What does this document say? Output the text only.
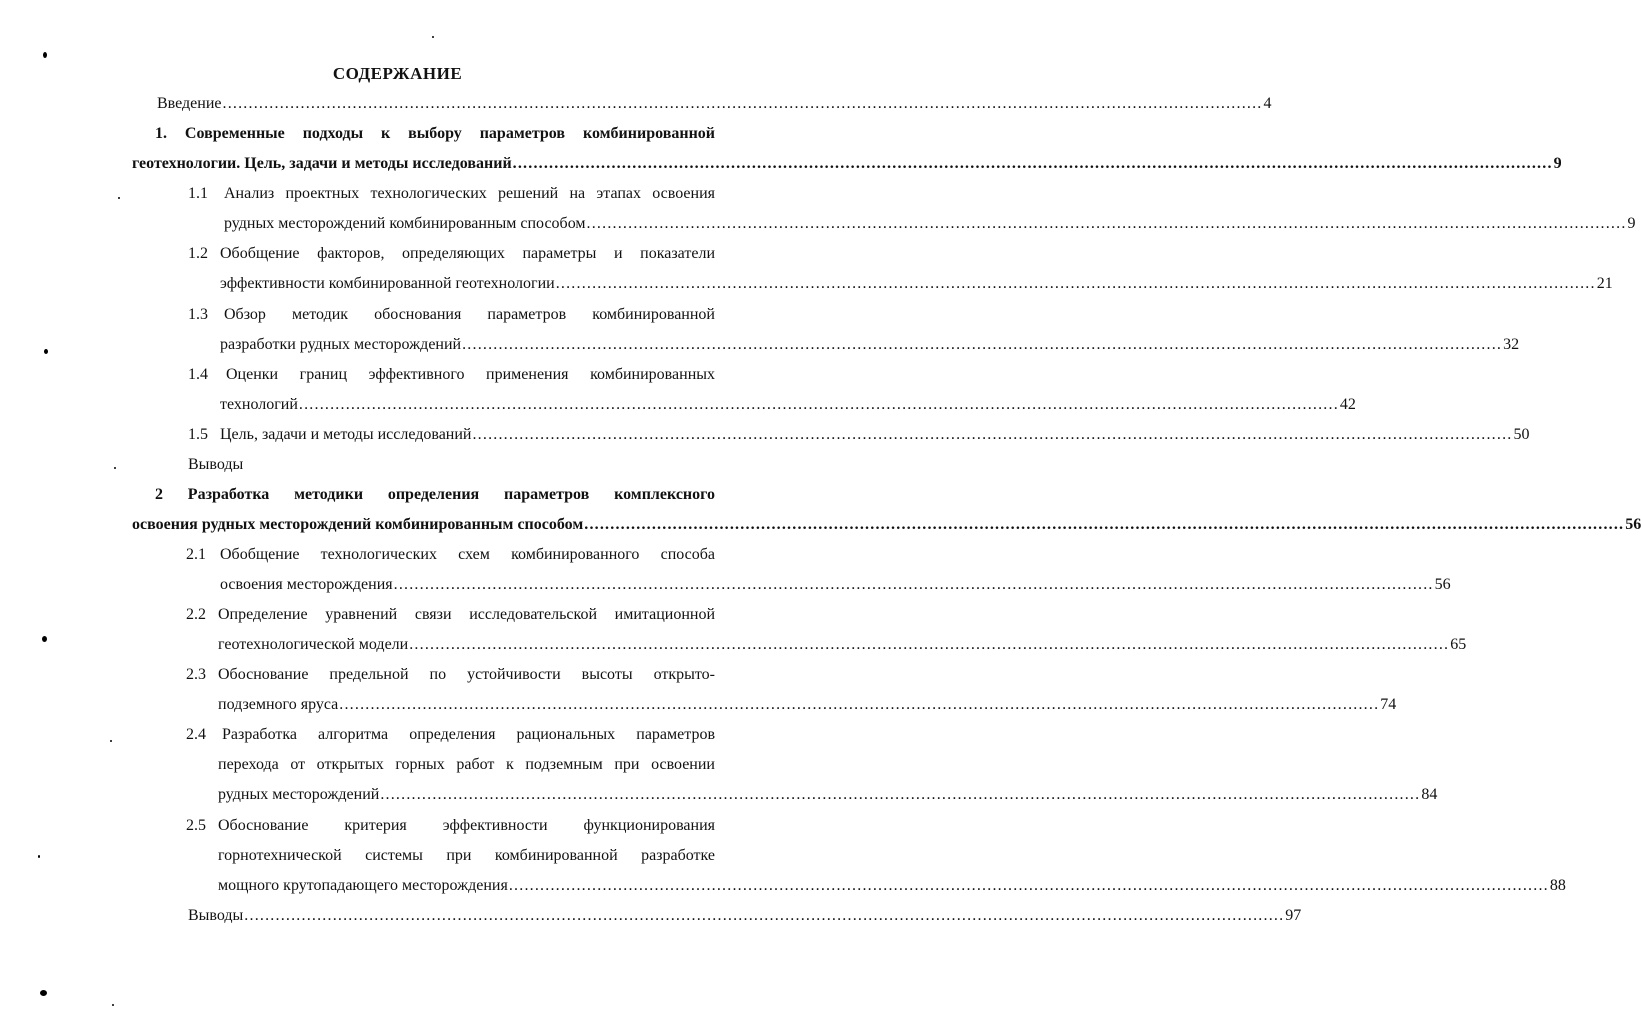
СОДЕРЖАНИЕ
Введение ........................................................................................................................................................................................................ 4
1. Современные подходы к выбору параметров комбинированной
геотехнологии. Цель, задачи и методы исследований ........................................................................................................................................................................................................ 9
1.1	Анализ проектных технологических решений на этапах освоения
рудных месторождений комбинированным способом ........................................................................................................................................................................................................ 9
1.2 Обобщение факторов, определяющих параметры и показатели
эффективности комбинированной геотехнологии ........................................................................................................................................................................................................ 21
1.3	Обзор методик обоснования параметров комбинированной
разработки рудных месторождений ........................................................................................................................................................................................................ 32
1.4	Оценки границ эффективного применения комбинированных
технологий ........................................................................................................................................................................................................ 42
1.5 Цель, задачи и методы исследований ........................................................................................................................................................................................................ 50
Выводы
2 Разработка методики определения параметров комплексного
освоения рудных месторождений комбинированным способом ........................................................................................................................................................................................................ 56
2.1 Обобщение технологических схем комбинированного способа
освоения месторождения ........................................................................................................................................................................................................ 56
2.2 Определение уравнений связи исследовательской имитационной
геотехнологической модели ........................................................................................................................................................................................................ 65
2.3 Обоснование предельной по устойчивости высоты открыто-
подземного яруса ........................................................................................................................................................................................................ 74
2.4	Разработка алгоритма определения рациональных параметров
перехода от открытых горных работ к подземным при освоении
рудных месторождений ........................................................................................................................................................................................................ 84
2.5 Обоснование критерия эффективности функционирования
горнотехнической системы при комбинированной разработке
мощного крутопадающего месторождения ........................................................................................................................................................................................................ 88
Выводы ........................................................................................................................................................................................................ 97
